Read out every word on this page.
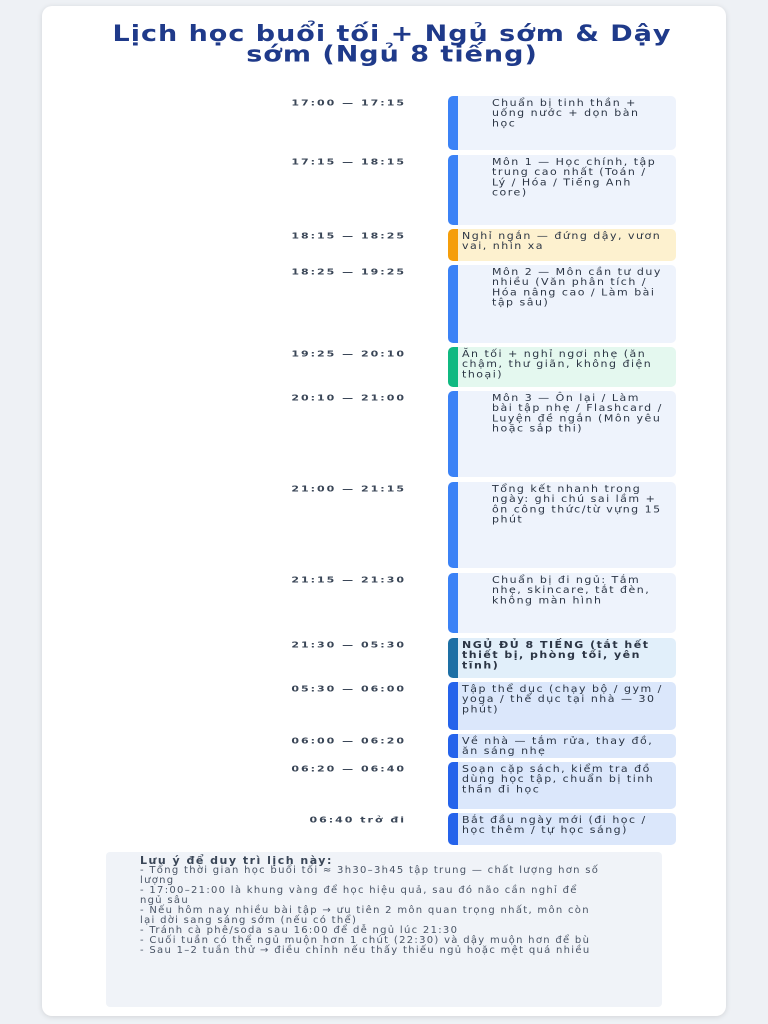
Lịch học buổi tối + Ngủ sớm & Dậy sớm (Ngủ 8 tiếng)
17:00 — 17:15	Chuẩn bị tinh thần + uống nước + dọn bàn học
17:15 — 18:15	Môn 1 — Học chính, tập trung cao nhất (Toán / Lý / Hóa / Tiếng Anh core)
18:15 — 18:25	Nghỉ ngắn — đứng dậy, vươn vai, nhìn xa
18:25 — 19:25	Môn 2 — Môn cần tư duy nhiều (Văn phân tích / Hóa nâng cao / Làm bài tập sâu)
19:25 — 20:10	Ăn tối + nghỉ ngơi nhẹ (ăn chậm, thư giãn, không điện thoại)
20:10 — 21:00	Môn 3 — Ôn lại / Làm bài tập nhẹ / Flashcard / Luyện đề ngắn (Môn yêu hoặc sắp thi)
21:00 — 21:15	Tổng kết nhanh trong ngày: ghi chú sai lầm + ôn công thức/từ vựng 15 phút
21:15 — 21:30	Chuẩn bị đi ngủ: Tắm nhẹ, skincare, tắt đèn, không màn hình
21:30 — 05:30	NGỦ ĐỦ 8 TIẾNG (tắt hết thiết bị, phòng tối, yên tĩnh)
05:30 — 06:00	Tập thể dục (chạy bộ / gym / yoga / thể dục tại nhà — 30 phút)
06:00 — 06:20	Về nhà — tắm rửa, thay đồ, ăn sáng nhẹ
06:20 — 06:40	Soạn cặp sách, kiểm tra đồ dùng học tập, chuẩn bị tinh thần đi học
06:40 trở đi	Bắt đầu ngày mới (đi học / học thêm / tự học sáng)
Lưu ý để duy trì lịch này:
- Tổng thời gian học buổi tối ≈ 3h30–3h45 tập trung — chất lượng hơn số lượng
- 17:00–21:00 là khung vàng để học hiệu quả, sau đó não cần nghỉ để ngủ sâu
- Nếu hôm nay nhiều bài tập → ưu tiên 2 môn quan trọng nhất, môn còn lại dời sang sáng sớm (nếu có thể)
- Tránh cà phê/soda sau 16:00 để dễ ngủ lúc 21:30
- Cuối tuần có thể ngủ muộn hơn 1 chút (22:30) và dậy muộn hơn để bù
- Sau 1–2 tuần thử → điều chỉnh nếu thấy thiếu ngủ hoặc mệt quá nhiều
